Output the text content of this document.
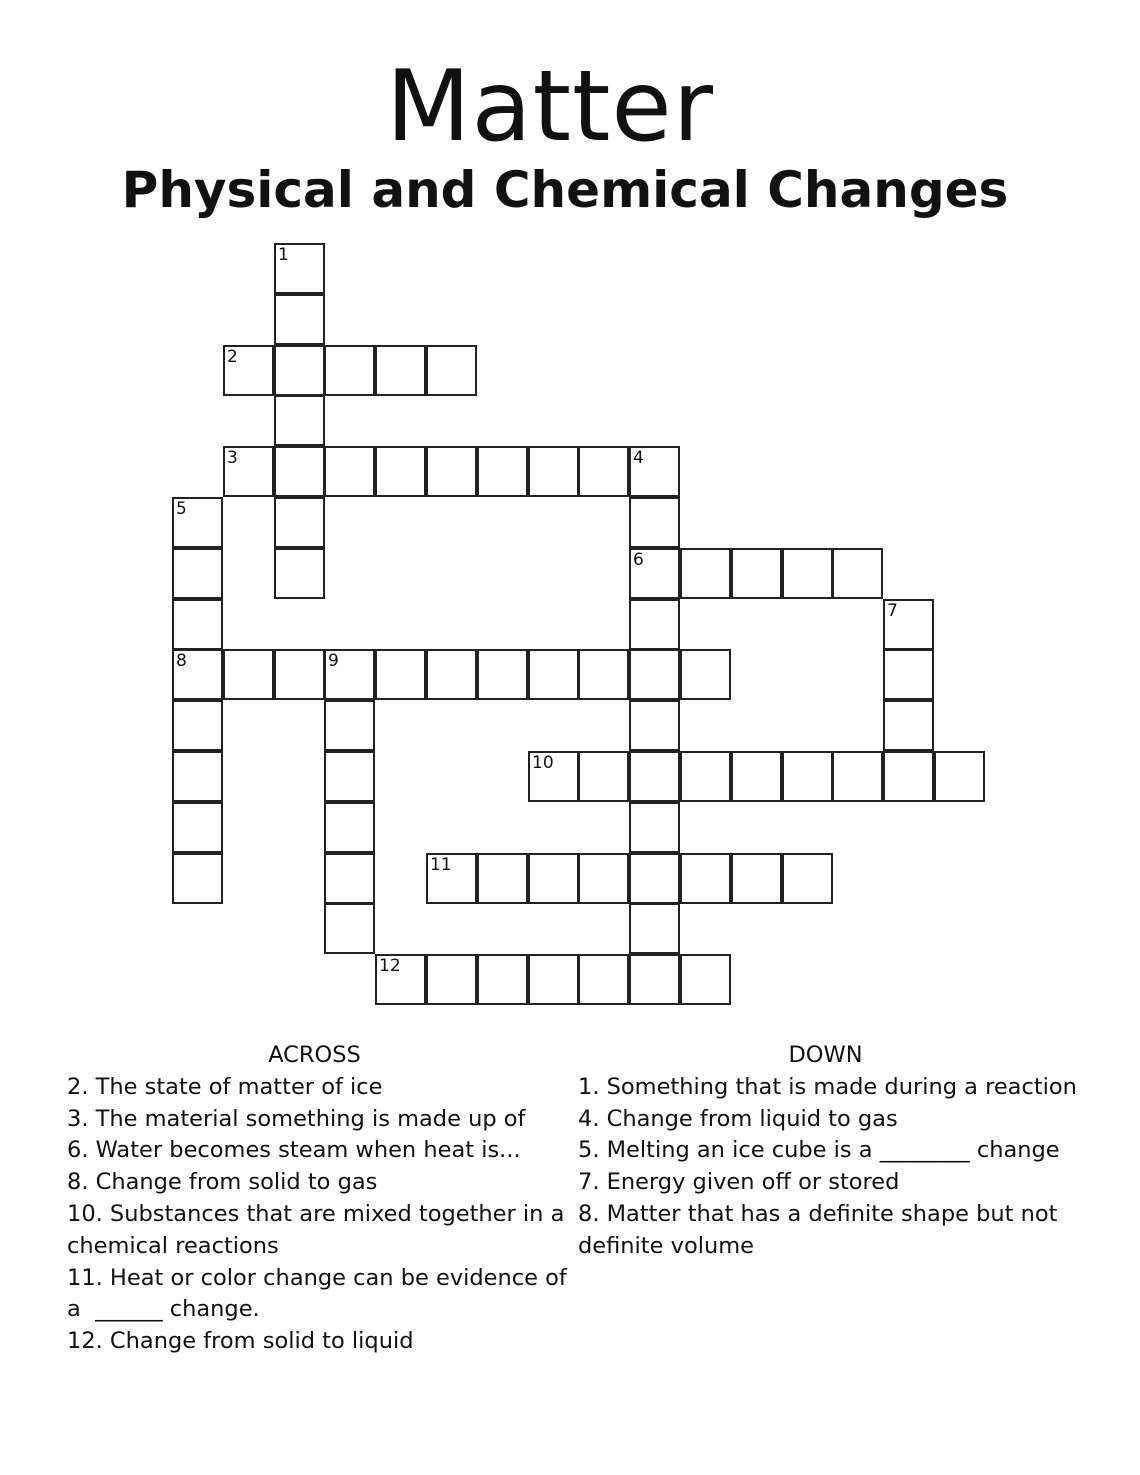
Matter
Physical and Chemical Changes
1
2
3	4
6
5
8
7
9
10
11
12

ACROSS

2. The state of matter of ice

3. The material something is made up of

6. Water becomes steam when heat is...

8. Change from solid to gas

10. Substances that are mixed together in a chemical reactions

11. Heat or color change can be evidence of a  ______ change.

12. Change from solid to liquid

DOWN

1. Something that is made during a reaction

4. Change from liquid to gas

5. Melting an ice cube is a ________ change

7. Energy given off or stored

8. Matter that has a definite shape but not definite volume
